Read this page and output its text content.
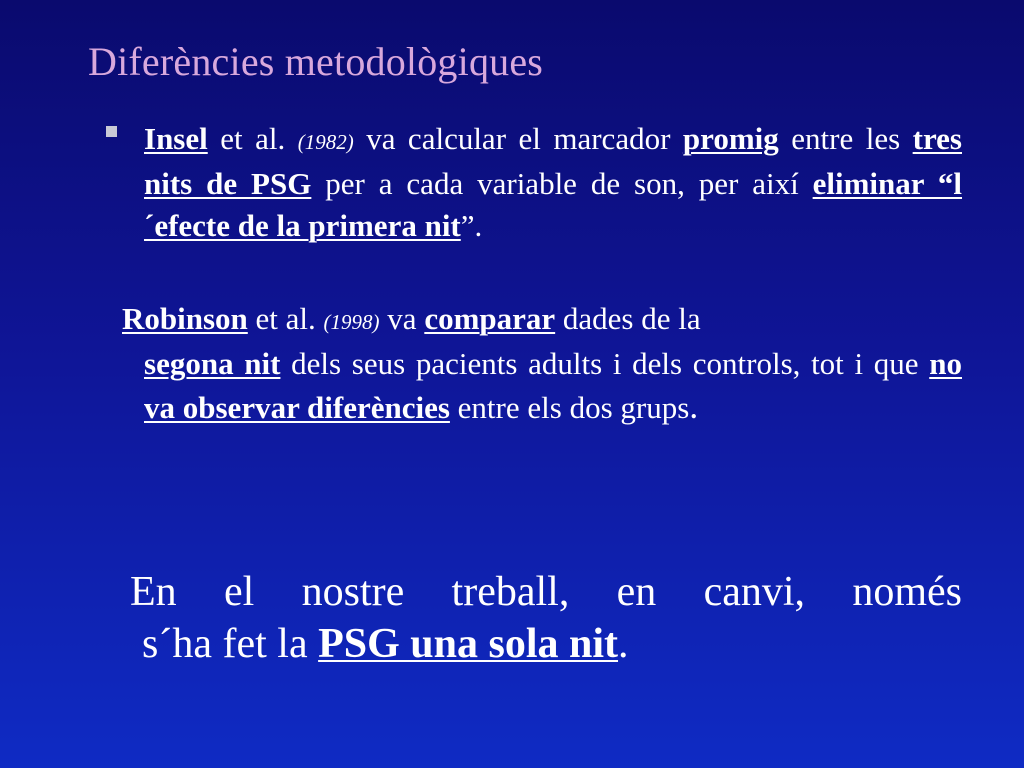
Diferències metodològiques
Insel et al. (1982) va calcular el marcador promig entre les tres nits de PSG per a cada variable de son, per així eliminar “l´efecte de la primera nit”.
Robinson et al. (1998) va comparar dades de la
segona nit dels seus pacients adults i dels controls, tot i que no va observar diferències entre els dos grups.
En el nostre treball, en canvi, només
s´ha fet la PSG una sola nit.
